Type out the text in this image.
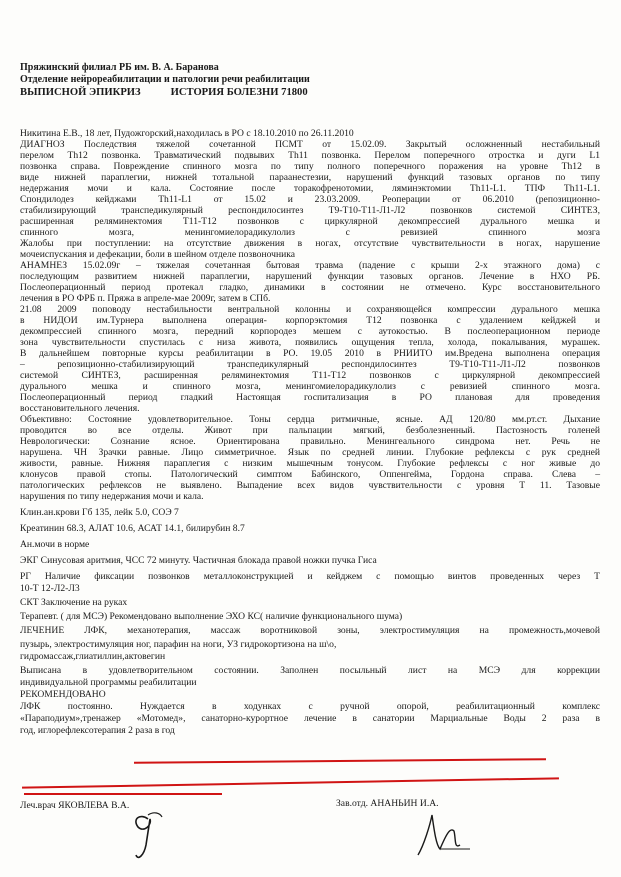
Пряжинский филиал РБ им. В. А. Баранова
Отделение нейрореабилитации и патологии речи реабилитации
ВЫПИСНОЙ ЭПИКРИЗ	ИСТОРИЯ БОЛЕЗНИ 71800
Никитина Е.В., 18 лет, Пудожгорский,находилась в РО с 18.10.2010 по 26.11.2010
ДИАГНОЗ Последствия тяжелой сочетанной ПСМТ от 15.02.09. Закрытый осложненный нестабильный
перелом Th12 позвонка. Травматический подвывих Th11 позвонка. Перелом поперечного отростка и дуги L1
позвонка справа. Повреждение спинного мозга по типу полного поперечного поражения на уровне Th12 в
виде нижней параплегии, нижней тотальной параанестезии, нарушений функций тазовых органов по типу
недержания мочи и кала. Состояние после торакофренотомии, ляминэктомии Th11-L1. ТПФ Th11-L1.
Спондилодез кейджами Th11-L1 от 15.02 и 23.03.2009. Реоперации от 06.2010 (репозиционно-
стабилизирующий транспедикулярный респондилосинтез Т9-Т10-Т11-Л1-Л2 позвонков системой СИНТЕЗ,
расширенная реляминектомия Т11-Т12 позвонков с циркулярной декомпрессией дурального мешка и
спинного мозга, менингомиелорадикулолиз с ревизией спинного мозга
Жалобы при поступлении: на отсутствие движения в ногах, отсутствие чувствительности в ногах, нарушение
мочеиспускания и дефекации, боли в шейном отделе позвоночника
АНАМНЕЗ 15.02.09г – тяжелая сочетанная бытовая травма (падение с крыши 2-х этажного дома) с
последующим развитием нижней параплегии, нарушений функции тазовых органов. Лечение в НХО РБ.
Послеоперационный период протекал гладко, динамики в состоянии не отмечено. Курс восстановительного
лечения в РО ФРБ п. Пряжа в апреле-мае 2009г, затем в СПб.
21.08 2009 поповоду нестабильности вентральной колонны и сохраняющейся компрессии дурального мешка
в НИДОИ им.Турнера выполнена операция- корпорэктомия Т12 позвонка с удалением кейджей и
декомпрессией спинного мозга, передний корпородез мешем с аутокостью. В послеоперационном периоде
зона чувствительности спустилась с низа живота, появились ощущения тепла, холода, покалывания, мурашек.
В дальнейшем повторные курсы реабилитации в РО. 19.05 2010 в РНИИТО им.Вредена выполнена операция
– репозиционно-стабилизирующий транспедикулярный респондилосинтез Т9-Т10-Т11-Л1-Л2 позвонков
системой СИНТЕЗ, расширенная реляминектомия Т11-Т12 позвонков с циркулярной декомпрессией
дурального мешка и спинного мозга, менингомиелорадикулолиз с ревизией спинного мозга.
Послеоперационный период гладкий Настоящая госпитализация в РО плановая для проведения
восстановительного лечения.
Объективно: Состояние удовлетворительное. Тоны сердца ритмичные, ясные. АД 120/80 мм.рт.ст. Дыхание
проводится во все отделы. Живот при пальпации мягкий, безболезненный. Пастозность голеней
Неврологически: Сознание ясное. Ориентирована правильно. Менингеального синдрома нет. Речь не
нарушена. ЧН Зрачки равные. Лицо симметричное. Язык по средней линии. Глубокие рефлексы с рук средней
живости, равные. Нижняя параплегия с низким мышечным тонусом. Глубокие рефлексы с ног живые до
клонусов правой стопы. Патологический симптом Бабинского, Оппенгейма, Гордона справа. Слева –
патологических рефлексов не выявлено. Выпадение всех видов чувствительности с уровня Т 11. Тазовые
нарушения по типу недержания мочи и кала.
Клин.ан.крови Гб 135, лейк 5.0, СОЭ 7
Креатинин 68.3, АЛАТ 10.6, АСАТ 14.1, билирубин 8.7
Ан.мочи в норме
ЭКГ Синусовая аритмия, ЧСС 72 минуту. Частичная блокада правой ножки пучка Гиса
РГ Наличие фиксации позвонков металлоконструкцией и кейджем с помощью винтов проведенных через Т
10-Т 12-Л2-Л3
СКТ Заключение на руках
Терапевт. ( для МСЭ) Рекомендовано выполнение ЭХО КС( наличие функционального шума)
ЛЕЧЕНИЕ ЛФК, механотерапия, массаж воротниковой зоны, электростимуляция на промежность,мочевой
пузырь, электростимуляция ног, парафин на ноги, УЗ гидрокортизона на ш\о,
гидромассаж,глиатиллин,актовегин
Выписана в удовлетворительном состоянии. Заполнен посыльный лист на МСЭ для коррекции
индивидуальной программы реабилитации
РЕКОМЕНДОВАНО
ЛФК постоянно. Нуждается в ходунках с ручной опорой, реабилитационный комплекс
«Параподиум»,тренажер «Мотомед», санаторно-курортное лечение в санатории Марциальные Воды 2 раза в
год, иглорефлексотерапия 2 раза в год
Леч.врач ЯКОВЛЕВА В.А.	Зав.отд. АНАНЬИН И.А.
